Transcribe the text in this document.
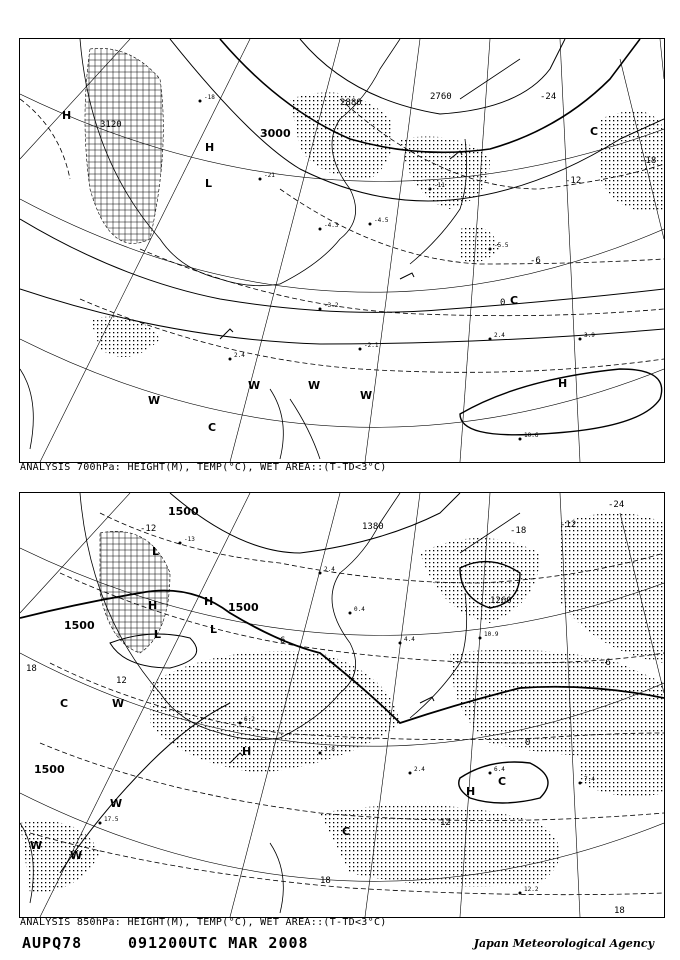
-18
-21
-4.3
-4.5
-11
-5.5
-3.2
-2.1
2.4
2.4	3.9
10.6
3120
3000
2880
2760	-24
-18
-12
-6
0
H
L
H
H
W	W
W
W
C
C
C
ANALYSIS 700hPa: HEIGHT(M), TEMP(°C), WET AREA::(T-TD<3°C)
-13
2.4
0.4
4.4
10.9
6.2
3.8
2.4	6.4
7.4
12.2
17.5
1500
1500
1500
1380
1500
1260
-24
-18
-12
-6
0
6
12
18
-12
18
12
18
L
L
H	H
L
H
H
W
W
C
C
W
C
W
ANALYSIS 850hPa: HEIGHT(M), TEMP(°C), WET AREA::(T-TD<3°C)
AUPQ78	091200UTC MAR 2008	Japan Meteorological Agency
